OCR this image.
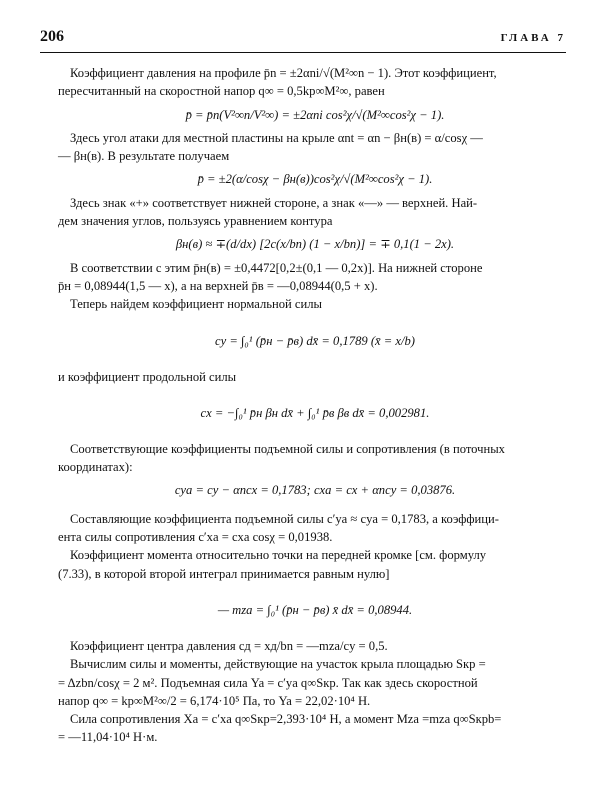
206	ГЛАВА 7

Коэффициент давления на профиле p̄n = ±2αni/√(M²∞n − 1). Этот коэффициент,

пересчитанный на скоростной напор q∞ = 0,5kp∞M²∞, равен

p̄ = p̄n(V²∞n/V²∞) = ±2αni cos²χ/√(M²∞cos²χ − 1).

Здесь угол атаки для местной пластины на крыле αnt = αn − βн(в) = α/cosχ —

— βн(в). В результате получаем

p̄ = ±2(α/cosχ − βн(в))cos²χ/√(M²∞cos²χ − 1).

Здесь знак «+» соответствует нижней стороне, а знак «—» — верхней. Най-

дем значения углов, пользуясь уравнением контура

βн(в) ≈ ∓(d/dx) [2c(x/bn) (1 − x/bn)] = ∓ 0,1(1 − 2x).

В соответствии с этим p̄н(в) = ±0,4472[0,2±(0,1 — 0,2x)]. На нижней стороне

p̄н = 0,08944(1,5 — x), а на верхней p̄в = —0,08944(0,5 + x).

Теперь найдем коэффициент нормальной силы

cy = ∫₀¹ (p̄н − p̄в) dx̄ = 0,1789 (x̄ = x/b)

и коэффициент продольной силы

cx = −∫₀¹ p̄н βн dx̄ + ∫₀¹ p̄в βв dx̄ = 0,002981.

Соответствующие коэффициенты подъемной силы и сопротивления (в поточных

координатах):

cya = cy − αncx = 0,1783; cxa = cx + αncy = 0,03876.

Составляющие коэффициента подъемной силы c′ya ≈ cya = 0,1783, а коэффици-

ента силы сопротивления c′xa = cxa cosχ = 0,01938.

Коэффициент момента относительно точки на передней кромке [см. формулу

(7.33), в которой второй интеграл принимается равным нулю]

— mza = ∫₀¹ (p̄н − p̄в) x̄ dx̄ = 0,08944.

Коэффициент центра давления cд = xд/bn = —mza/cy = 0,5.

Вычислим силы и моменты, действующие на участок крыла площадью Sкр =

= Δzbn/cosχ = 2 м². Подъемная сила Ya = c′ya q∞Sкр. Так как здесь скоростной

напор q∞ = kp∞M²∞/2 = 6,174·10⁵ Па, то Ya = 22,02·10⁴ Н.

Сила сопротивления Xa = c′xa q∞Sкр=2,393·10⁴ Н, а момент Mza =mza q∞Sкрb=

= —11,04·10⁴ Н·м.
